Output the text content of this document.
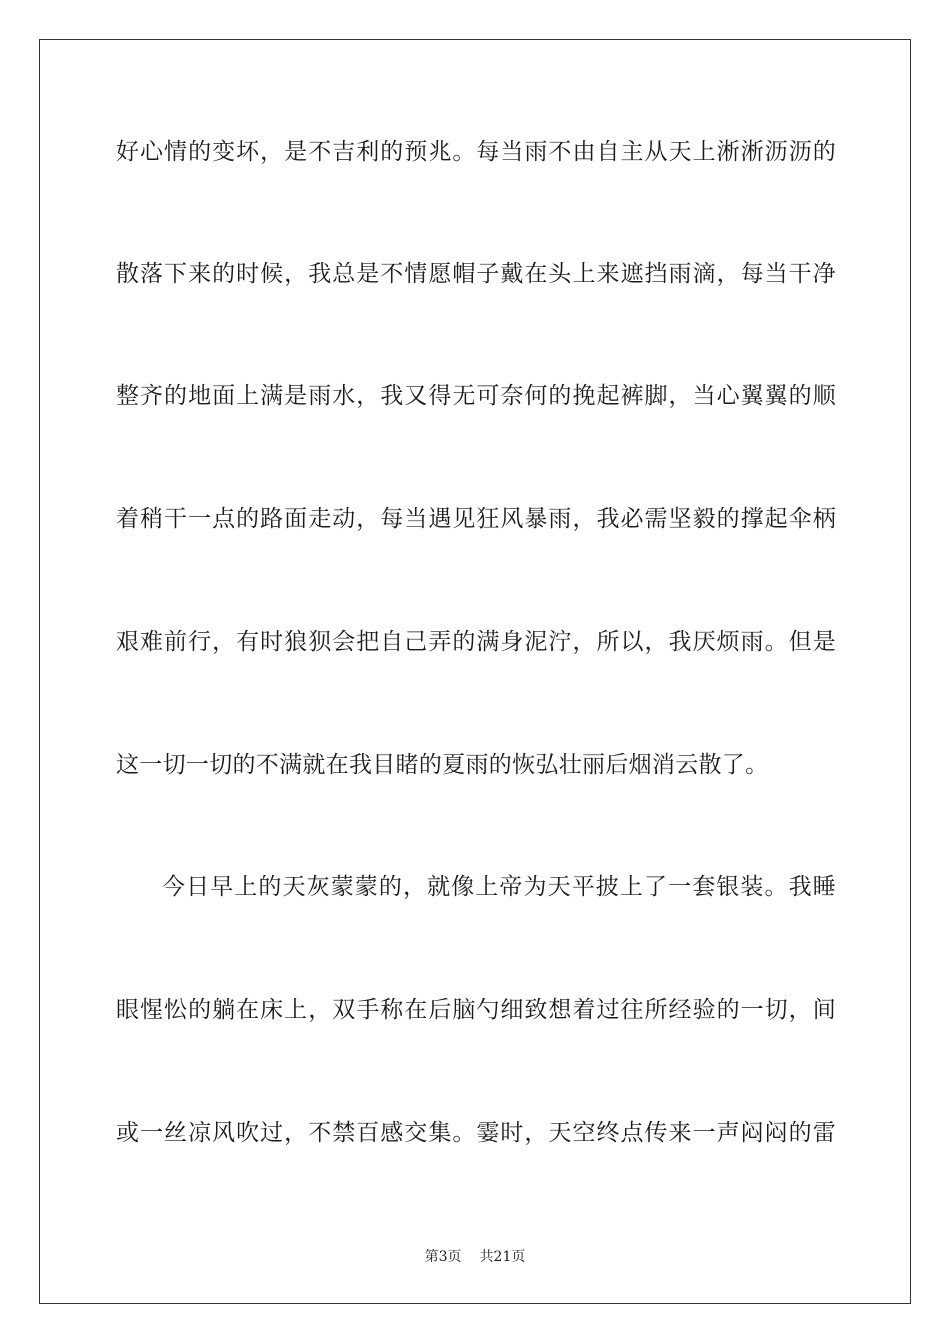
好心情的变坏，是不吉利的预兆。每当雨不由自主从天上淅淅沥沥的
散落下来的时候，我总是不情愿帽子戴在头上来遮挡雨滴，每当干净
整齐的地面上满是雨水，我又得无可奈何的挽起裤脚，当心翼翼的顺
着稍干一点的路面走动，每当遇见狂风暴雨，我必需坚毅的撑起伞柄
艰难前行，有时狼狈会把自己弄的满身泥泞，所以，我厌烦雨。但是
这一切一切的不满就在我目睹的夏雨的恢弘壮丽后烟消云散了。
今日早上的天灰蒙蒙的，就像上帝为天平披上了一套银装。我睡
眼惺忪的躺在床上，双手称在后脑勺细致想着过往所经验的一切，间
或一丝凉风吹过，不禁百感交集。霎时，天空终点传来一声闷闷的雷
第3页 共21页
